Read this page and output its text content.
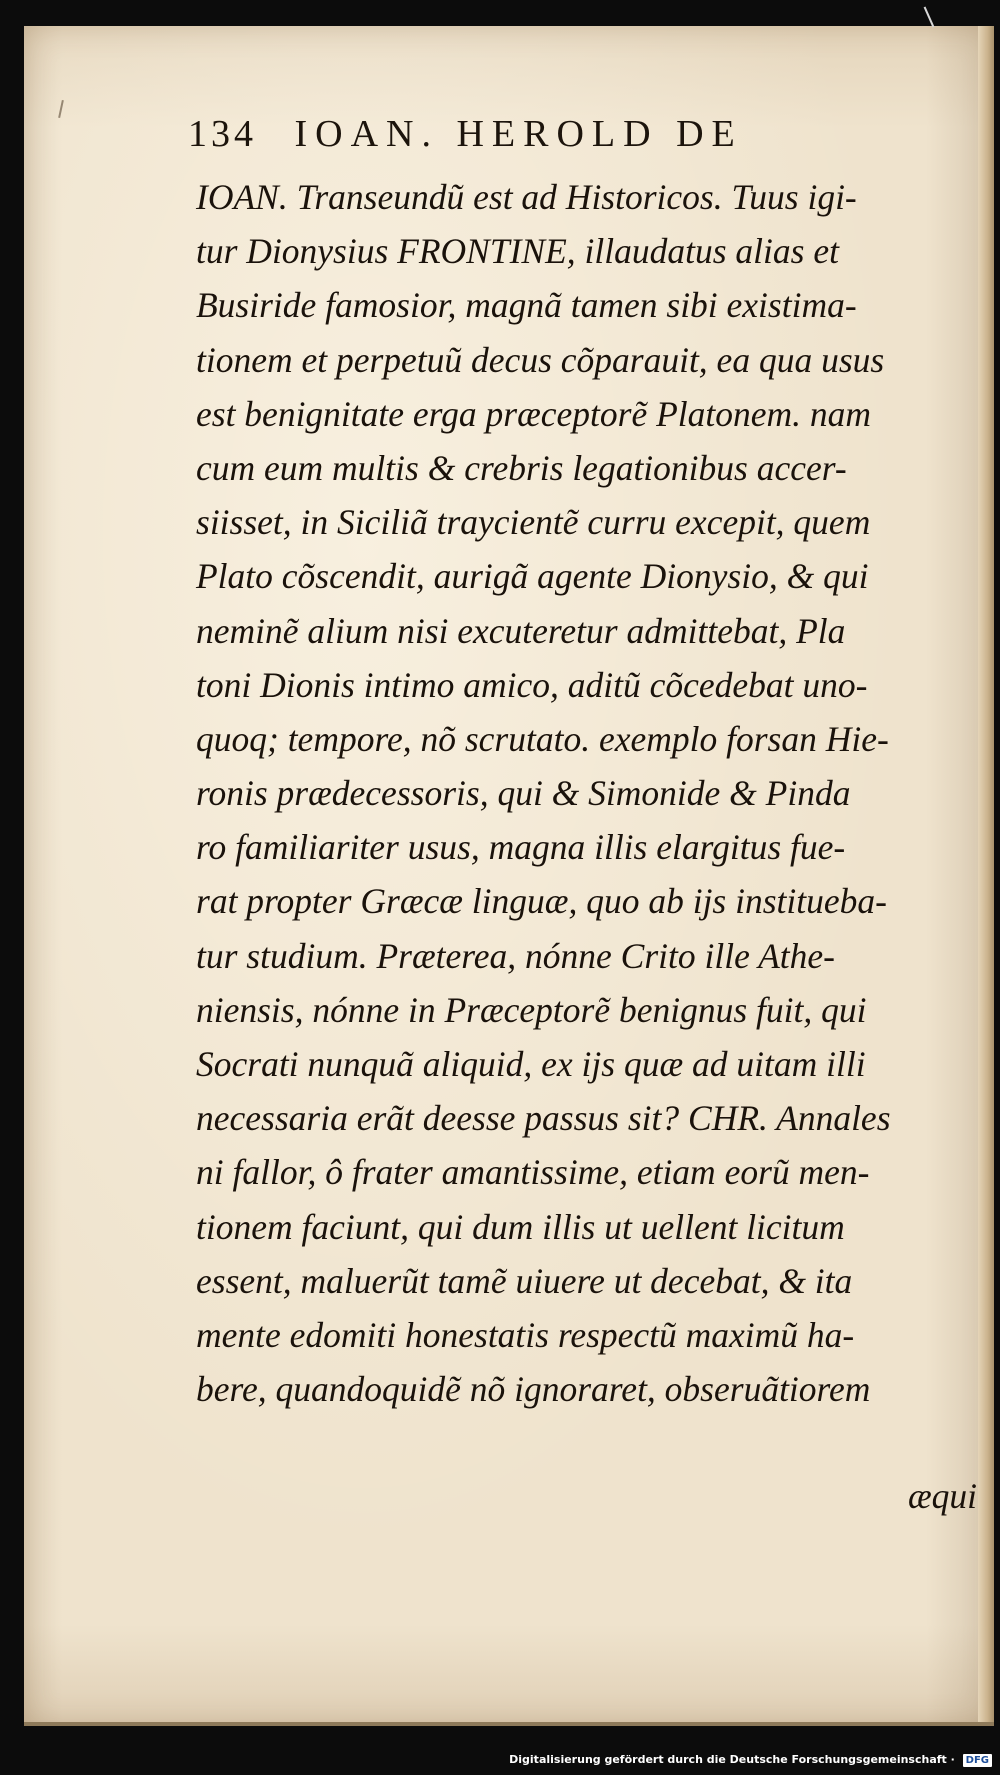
134 IOAN. HEROLD DE
IOAN. Transeundũ est ad Historicos. Tuus igi-
tur Dionysius FRONTINE, illaudatus alias et
Busiride famosior, magnã tamen sibi existima-
tionem et perpetuũ decus cõparauit, ea qua usus
est benignitate erga præceptorẽ Platonem. nam
cum eum multis & crebris legationibus accer-
siisset, in Siciliã traycientẽ curru excepit, quem
Plato cõscendit, aurigã agente Dionysio, & qui
neminẽ alium nisi excuteretur admittebat, Pla
toni Dionis intimo amico, aditũ cõcedebat uno-
quoq; tempore, nõ scrutato. exemplo forsan Hie-
ronis prædecessoris, qui & Simonide & Pinda
ro familiariter usus, magna illis elargitus fue-
rat propter Græcæ linguæ, quo ab ijs instituеba-
tur studium. Præterea, nónne Crito ille Athe-
niensis, nónne in Præceptorẽ benignus fuit, qui
Socrati nunquã aliquid, ex ijs quæ ad uitam illi
necessaria erãt deesse passus sit? CHR. Annales
ni fallor, ô frater amantissime, etiam eorũ men-
tionem faciunt, qui dum illis ut uellent licitum
essent, maluerũt tamẽ uiuere ut decebat, & ita
mente edomiti honestatis respectũ maximũ ha-
bere, quandoquidẽ nõ ignoraret, obseruãtiorem
æqui
Digitalisierung gefördert durch die Deutsche Forschungsgemeinschaft · DFG
